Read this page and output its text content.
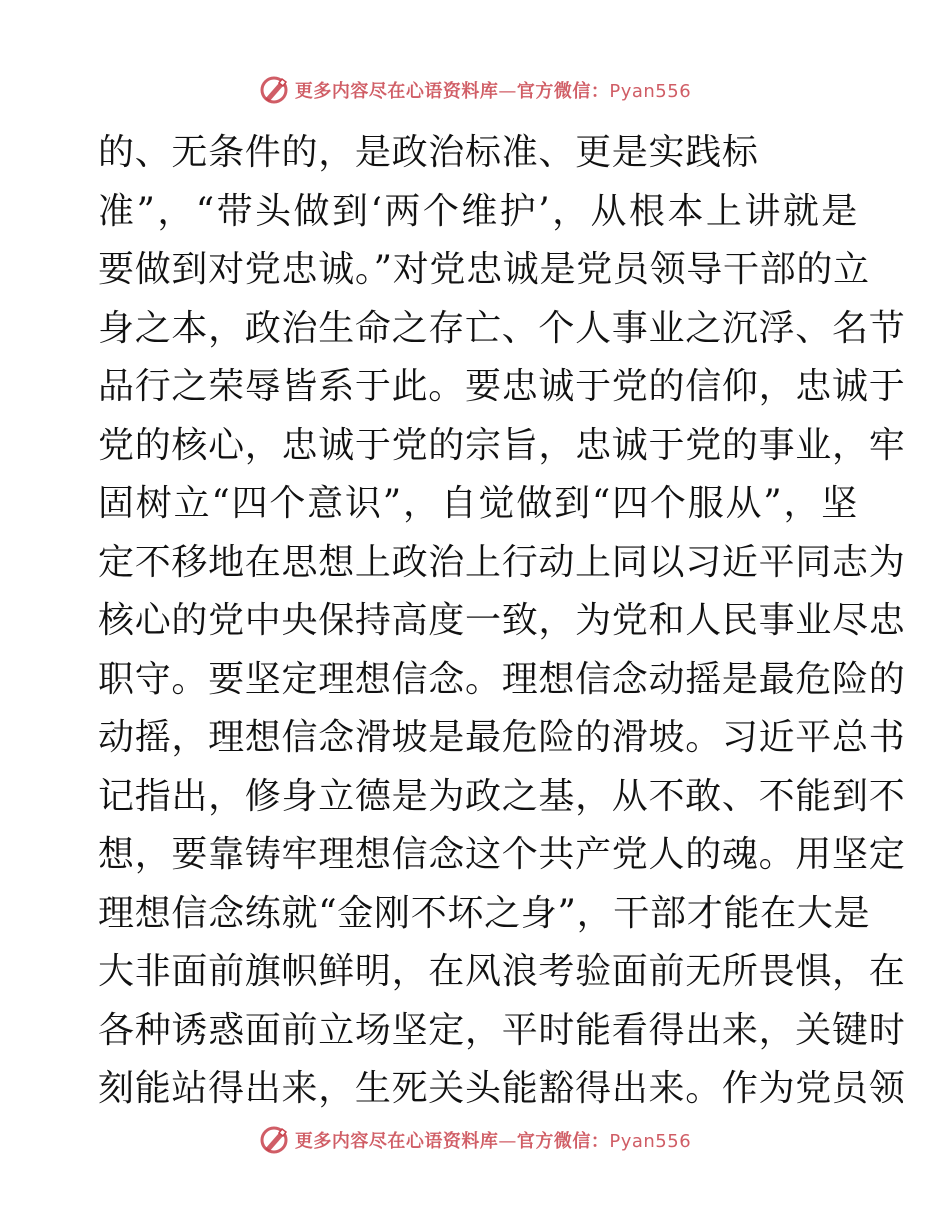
更多内容尽在心语资料库—官方微信：Pyan556
的、无条件的，是政治标准、更是实践标
准”，“带头做到‘两个维护’，从根本上讲就是
要做到对党忠诚。”对党忠诚是党员领导干部的立
身之本，政治生命之存亡、个人事业之沉浮、名节
品行之荣辱皆系于此。要忠诚于党的信仰，忠诚于
党的核心，忠诚于党的宗旨，忠诚于党的事业，牢
固树立“四个意识”，自觉做到“四个服从”，坚
定不移地在思想上政治上行动上同以习近平同志为
核心的党中央保持高度一致，为党和人民事业尽忠
职守。要坚定理想信念。理想信念动摇是最危险的
动摇，理想信念滑坡是最危险的滑坡。习近平总书
记指出，修身立德是为政之基，从不敢、不能到不
想，要靠铸牢理想信念这个共产党人的魂。用坚定
理想信念练就“金刚不坏之身”，干部才能在大是
大非面前旗帜鲜明，在风浪考验面前无所畏惧，在
各种诱惑面前立场坚定，平时能看得出来，关键时
刻能站得出来，生死关头能豁得出来。作为党员领
更多内容尽在心语资料库—官方微信：Pyan556
